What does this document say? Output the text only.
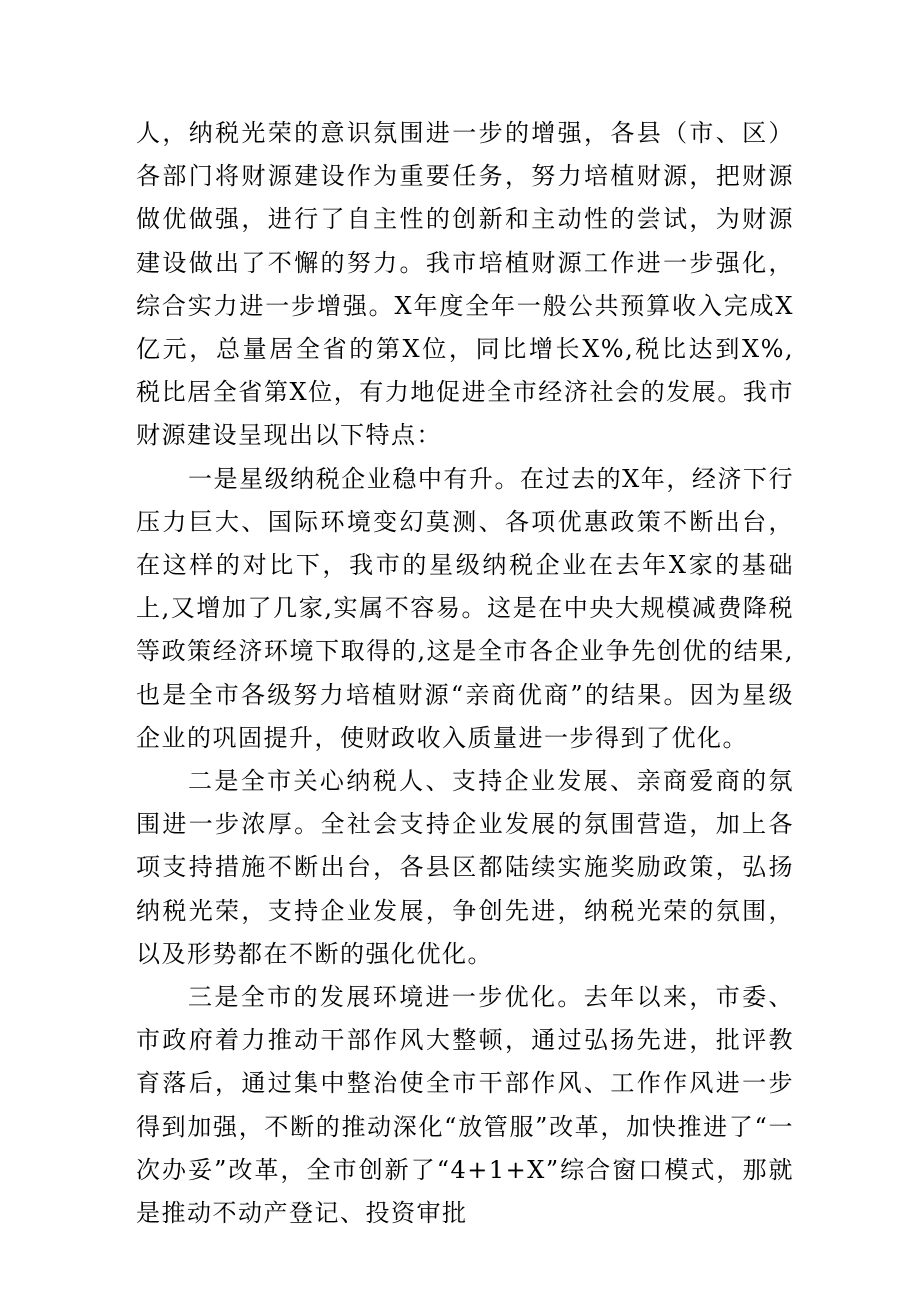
人，纳税光荣的意识氛围进一步的增强，各县（市、区）各部门将财源建设作为重要任务，努力培植财源，把财源做优做强，进行了自主性的创新和主动性的尝试，为财源建设做出了不懈的努力。我市培植财源工作进一步强化，综合实力进一步增强。X年度全年一般公共预算收入完成X亿元，总量居全省的第X位，同比增长X%,税比达到X%,税比居全省第X位，有力地促进全市经济社会的发展。我市财源建设呈现出以下特点：

一是星级纳税企业稳中有升。在过去的X年，经济下行压力巨大、国际环境变幻莫测、各项优惠政策不断出台，在这样的对比下，我市的星级纳税企业在去年X家的基础上,又增加了几家,实属不容易。这是在中央大规模减费降税等政策经济环境下取得的,这是全市各企业争先创优的结果,也是全市各级努力培植财源“亲商优商”的结果。因为星级企业的巩固提升，使财政收入质量进一步得到了优化。

二是全市关心纳税人、支持企业发展、亲商爱商的氛围进一步浓厚。全社会支持企业发展的氛围营造，加上各项支持措施不断出台，各县区都陆续实施奖励政策，弘扬纳税光荣，支持企业发展，争创先进，纳税光荣的氛围，以及形势都在不断的强化优化。

三是全市的发展环境进一步优化。去年以来，市委、市政府着力推动干部作风大整顿，通过弘扬先进，批评教育落后，通过集中整治使全市干部作风、工作作风进一步得到加强，不断的推动深化“放管服”改革，加快推进了“一次办妥”改革，全市创新了“4+1+X”综合窗口模式，那就是推动不动产登记、投资审批
